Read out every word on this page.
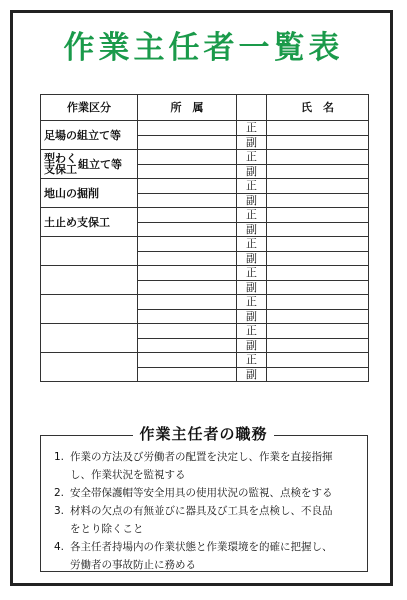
作業主任者一覧表
作業区分	所　属		氏　名
足場の組立て等		正	
		副	

型わく
支保工 組立て等		正	
		副	
地山の掘削		正	
		副	
土止め支保工		正	
		副	
		正	
		副	
		正	
		副	
		正	
		副	
		正	
		副	
		正	
		副	
作業主任者の職務
1. 作業の方法及び労働者の配置を決定し、作業を直接指揮
し、作業状況を監視する
2. 安全帯保護帽等安全用具の使用状況の監視、点検をする
3. 材料の欠点の有無並びに器具及び工具を点検し、不良品
をとり除くこと
4. 各主任者持場内の作業状態と作業環境を的確に把握し、
労働者の事故防止に務める
